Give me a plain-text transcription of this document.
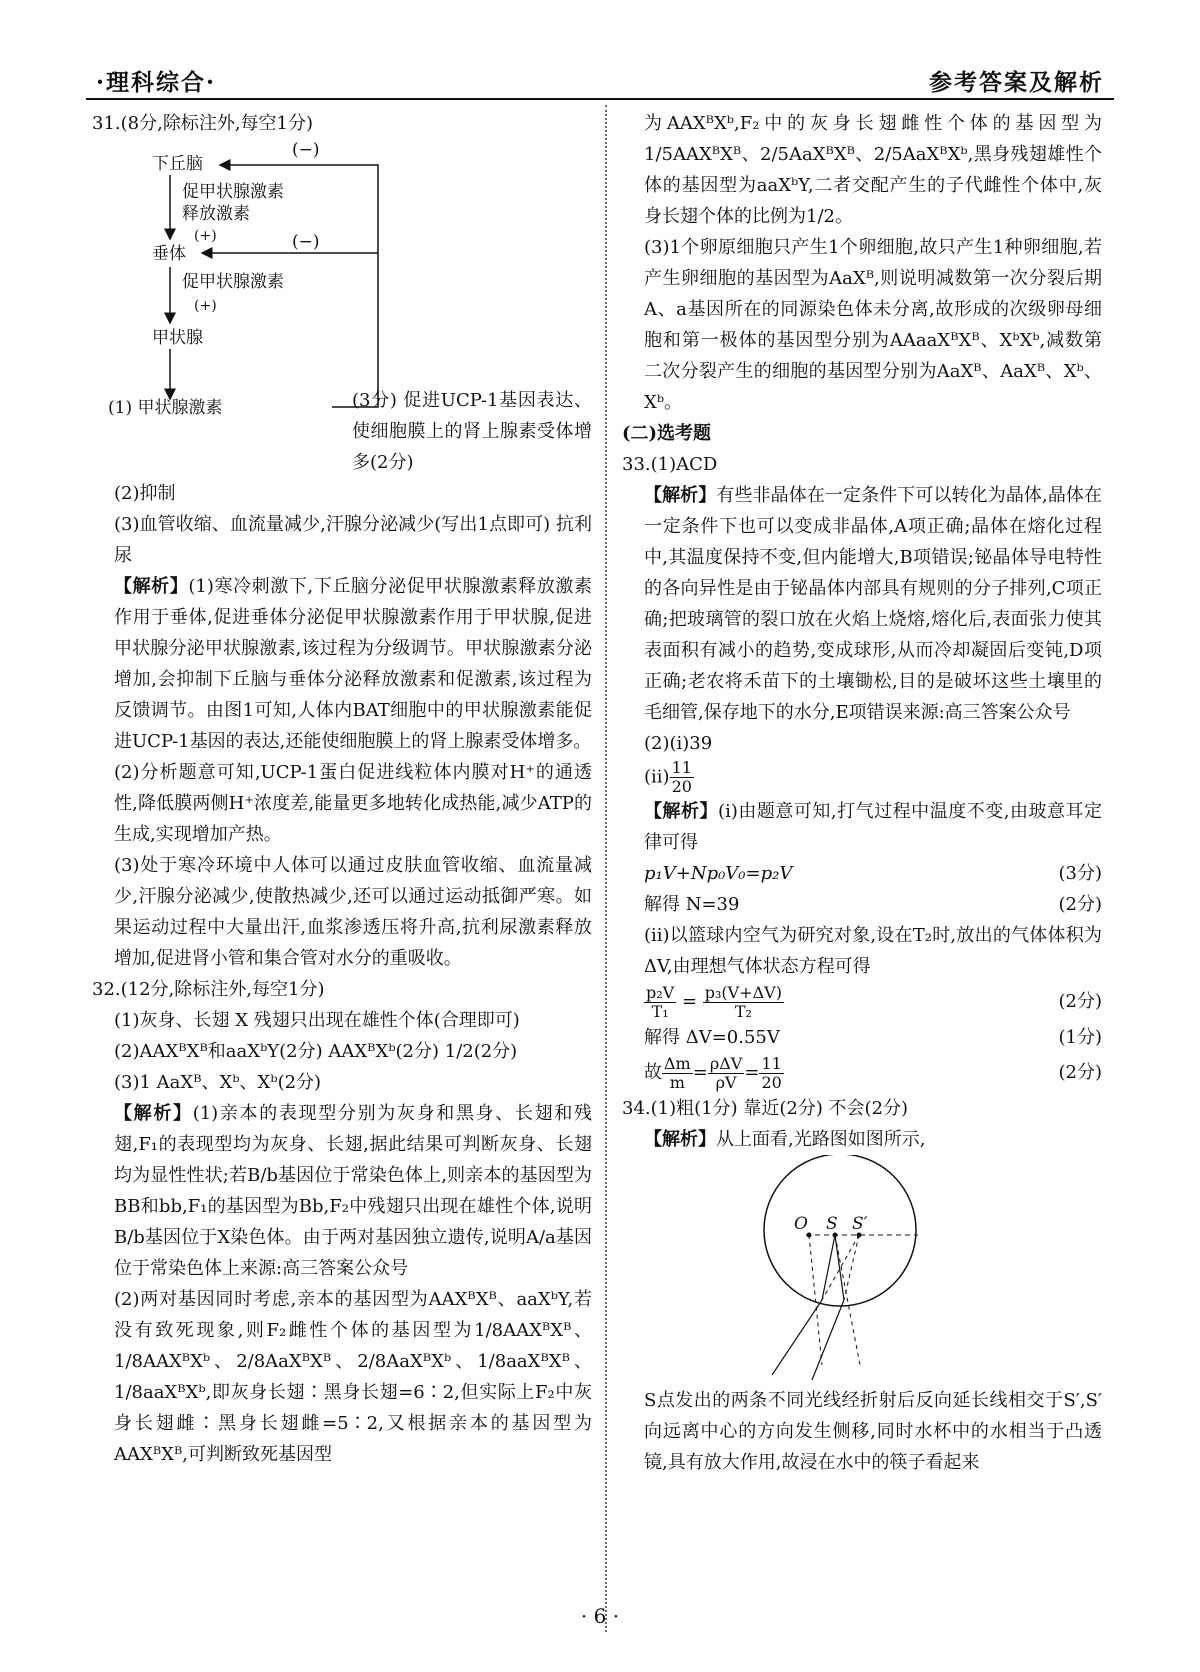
·理科综合·	参考答案及解析

31.(8分,除标注外,每空1分)

下丘脑
(−)
促甲状腺激素
释放激素
(+)
垂体
(−)
促甲状腺激素
(+)
甲状腺
(1) 甲状腺激素	(3分) 促进UCP-1基因表达、使细胞膜上的肾上腺素受体增多(2分)

(2)抑制

(3)血管收缩、血流量减少,汗腺分泌减少(写出1点即可) 抗利尿

【解析】(1)寒冷刺激下,下丘脑分泌促甲状腺激素释放激素作用于垂体,促进垂体分泌促甲状腺激素作用于甲状腺,促进甲状腺分泌甲状腺激素,该过程为分级调节。甲状腺激素分泌增加,会抑制下丘脑与垂体分泌释放激素和促激素,该过程为反馈调节。由图1可知,人体内BAT细胞中的甲状腺激素能促进UCP-1基因的表达,还能使细胞膜上的肾上腺素受体增多。

(2)分析题意可知,UCP-1蛋白促进线粒体内膜对H⁺的通透性,降低膜两侧H⁺浓度差,能量更多地转化成热能,减少ATP的生成,实现增加产热。

(3)处于寒冷环境中人体可以通过皮肤血管收缩、血流量减少,汗腺分泌减少,使散热减少,还可以通过运动抵御严寒。如果运动过程中大量出汗,血浆渗透压将升高,抗利尿激素释放增加,促进肾小管和集合管对水分的重吸收。

32.(12分,除标注外,每空1分)

(1)灰身、长翅 X 残翅只出现在雄性个体(合理即可)

(2)AAXᴮXᴮ和aaXᵇY(2分) AAXᴮXᵇ(2分) 1/2(2分)

(3)1 AaXᴮ、Xᵇ、Xᵇ(2分)

【解析】(1)亲本的表现型分别为灰身和黑身、长翅和残翅,F₁的表现型均为灰身、长翅,据此结果可判断灰身、长翅均为显性性状;若B/b基因位于常染色体上,则亲本的基因型为BB和bb,F₁的基因型为Bb,F₂中残翅只出现在雄性个体,说明B/b基因位于X染色体。由于两对基因独立遗传,说明A/a基因位于常染色体上来源:高三答案公众号

(2)两对基因同时考虑,亲本的基因型为AAXᴮXᴮ、aaXᵇY,若没有致死现象,则F₂雌性个体的基因型为1/8AAXᴮXᴮ、1/8AAXᴮXᵇ、2/8AaXᴮXᴮ、2/8AaXᴮXᵇ、1/8aaXᴮXᴮ、1/8aaXᴮXᵇ,即灰身长翅∶黑身长翅=6∶2,但实际上F₂中灰身长翅雌∶黑身长翅雌=5∶2,又根据亲本的基因型为AAXᴮXᴮ,可判断致死基因型

为AAXᴮXᵇ,F₂中的灰身长翅雌性个体的基因型为1/5AAXᴮXᴮ、2/5AaXᴮXᴮ、2/5AaXᴮXᵇ,黑身残翅雄性个体的基因型为aaXᵇY,二者交配产生的子代雌性个体中,灰身长翅个体的比例为1/2。

(3)1个卵原细胞只产生1个卵细胞,故只产生1种卵细胞,若产生卵细胞的基因型为AaXᴮ,则说明减数第一次分裂后期A、a基因所在的同源染色体未分离,故形成的次级卵母细胞和第一极体的基因型分别为AAaaXᴮXᴮ、XᵇXᵇ,减数第二次分裂产生的细胞的基因型分别为AaXᴮ、AaXᴮ、Xᵇ、Xᵇ。

(二)选考题

33.(1)ACD

【解析】有些非晶体在一定条件下可以转化为晶体,晶体在一定条件下也可以变成非晶体,A项正确;晶体在熔化过程中,其温度保持不变,但内能增大,B项错误;铋晶体导电特性的各向异性是由于铋晶体内部具有规则的分子排列,C项正确;把玻璃管的裂口放在火焰上烧熔,熔化后,表面张力使其表面积有减小的趋势,变成球形,从而冷却凝固后变钝,D项正确;老农将禾苗下的土壤锄松,目的是破坏这些土壤里的毛细管,保存地下的水分,E项错误来源:高三答案公众号

(2)(i)39

$(ii) \frac{11}{20}$

【解析】(i)由题意可知,打气过程中温度不变,由玻意耳定律可得

p₁V+Np₀V₀=p₂V	(3分)
解得 N=39	(2分)

(ii)以篮球内空气为研究对象,设在T₂时,放出的气体体积为ΔV,由理想气体状态方程可得

$\frac{\text{p₂V}}{\text{T₁}} = \frac{\text{p₃(V+ΔV)}}{\text{T₂}}$	(2分)
解得 ΔV=0.55V	(1分)
故 $\frac{\Delta m}{m} = \frac{\text{ρΔV}}{\rho V} = \frac{11}{20}$	(2分)

34.(1)粗(1分) 靠近(2分) 不会(2分)

【解析】从上面看,光路图如图所示,

O S S′

S点发出的两条不同光线经折射后反向延长线相交于S′,S′向远离中心的方向发生侧移,同时水杯中的水相当于凸透镜,具有放大作用,故浸在水中的筷子看起来

· 6 ·
